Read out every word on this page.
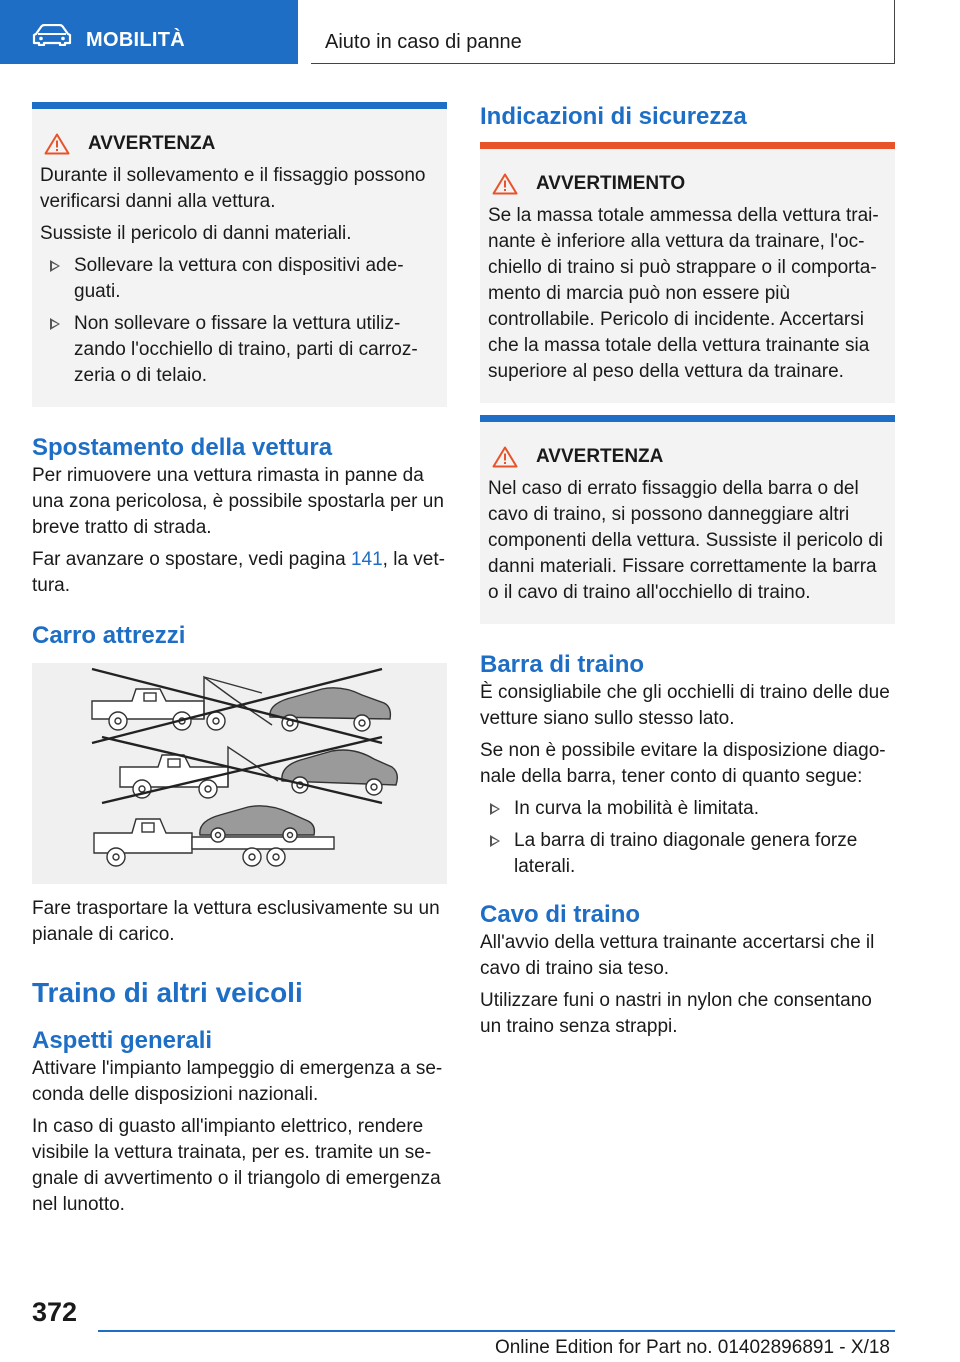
MOBILITÀ	Aiuto in caso di panne
AVVERTENZA

Durante il sollevamento e il fissaggio possono verificarsi danni alla vettura.

Sussiste il pericolo di danni materiali.

Sollevare la vettura con dispositivi adeguati.
Non sollevare o fissare la vettura utilizzando l'occhiello di traino, parti di carrozzeria o di telaio.
Spostamento della vettura

Per rimuovere una vettura rimasta in panne da una zona pericolosa, è possibile spostarla per un breve tratto di strada.

Far avanzare o spostare, vedi pagina 141, la vettura.

Carro attrezzi

Fare trasportare la vettura esclusivamente su un pianale di carico.

Traino di altri veicoli
Aspetti generali

Attivare l'impianto lampeggio di emergenza a seconda delle disposizioni nazionali.

In caso di guasto all'impianto elettrico, rendere visibile la vettura trainata, per es. tramite un segnale di avvertimento o il triangolo di emergenza nel lunotto.

Indicazioni di sicurezza
AVVERTIMENTO

Se la massa totale ammessa della vettura trainante è inferiore alla vettura da trainare, l'occhiello di traino si può strappare o il comportamento di marcia può non essere più controllabile. Pericolo di incidente. Accertarsi che la massa totale della vettura trainante sia superiore al peso della vettura da trainare.

AVVERTENZA

Nel caso di errato fissaggio della barra o del cavo di traino, si possono danneggiare altri componenti della vettura. Sussiste il pericolo di danni materiali. Fissare correttamente la barra o il cavo di traino all'occhiello di traino.

Barra di traino

È consigliabile che gli occhielli di traino delle due vetture siano sullo stesso lato.

Se non è possibile evitare la disposizione diagonale della barra, tener conto di quanto segue:

In curva la mobilità è limitata.
La barra di traino diagonale genera forze laterali.
Cavo di traino

All'avvio della vettura trainante accertarsi che il cavo di traino sia teso.

Utilizzare funi o nastri in nylon che consentano un traino senza strappi.

372
Online Edition for Part no. 01402896891 - X/18
